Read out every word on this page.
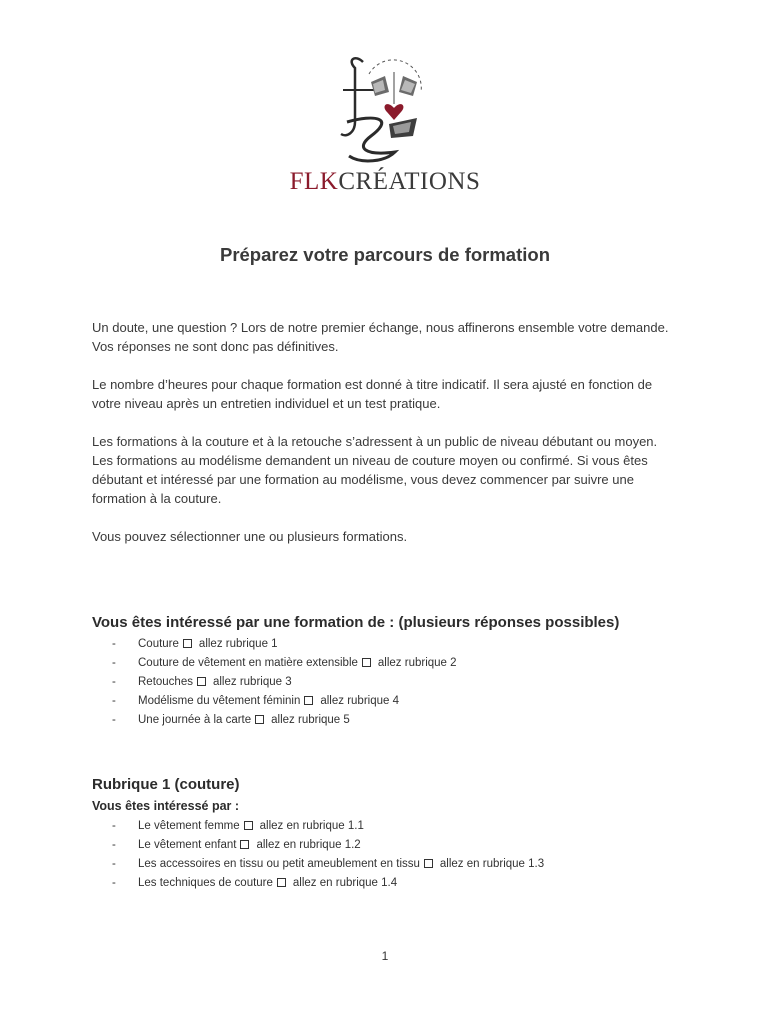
FLKCRÉATIONS
Préparez votre parcours de formation

Un doute, une question ? Lors de notre premier échange, nous affinerons ensemble votre demande. Vos réponses ne sont donc pas définitives.

Le nombre d’heures pour chaque formation est donné à titre indicatif. Il sera ajusté en fonction de votre niveau après un entretien individuel et un test pratique.

Les formations à la couture et à la retouche s’adressent à un public de niveau débutant ou moyen.

Les formations au modélisme demandent un niveau de couture moyen ou confirmé. Si vous êtes débutant et intéressé par une formation au modélisme, vous devez commencer par suivre une formation à la couture.

Vous pouvez sélectionner une ou plusieurs formations.

Vous êtes intéressé par une formation de : (plusieurs réponses possibles)
- Couture allez rubrique 1
- Couture de vêtement en matière extensible allez rubrique 2
- Retouches allez rubrique 3
- Modélisme du vêtement féminin allez rubrique 4
- Une journée à la carte allez rubrique 5
Rubrique 1 (couture)

Vous êtes intéressé par :

- Le vêtement femme allez en rubrique 1.1
- Le vêtement enfant allez en rubrique 1.2
- Les accessoires en tissu ou petit ameublement en tissu allez en rubrique 1.3
- Les techniques de couture allez en rubrique 1.4
1
